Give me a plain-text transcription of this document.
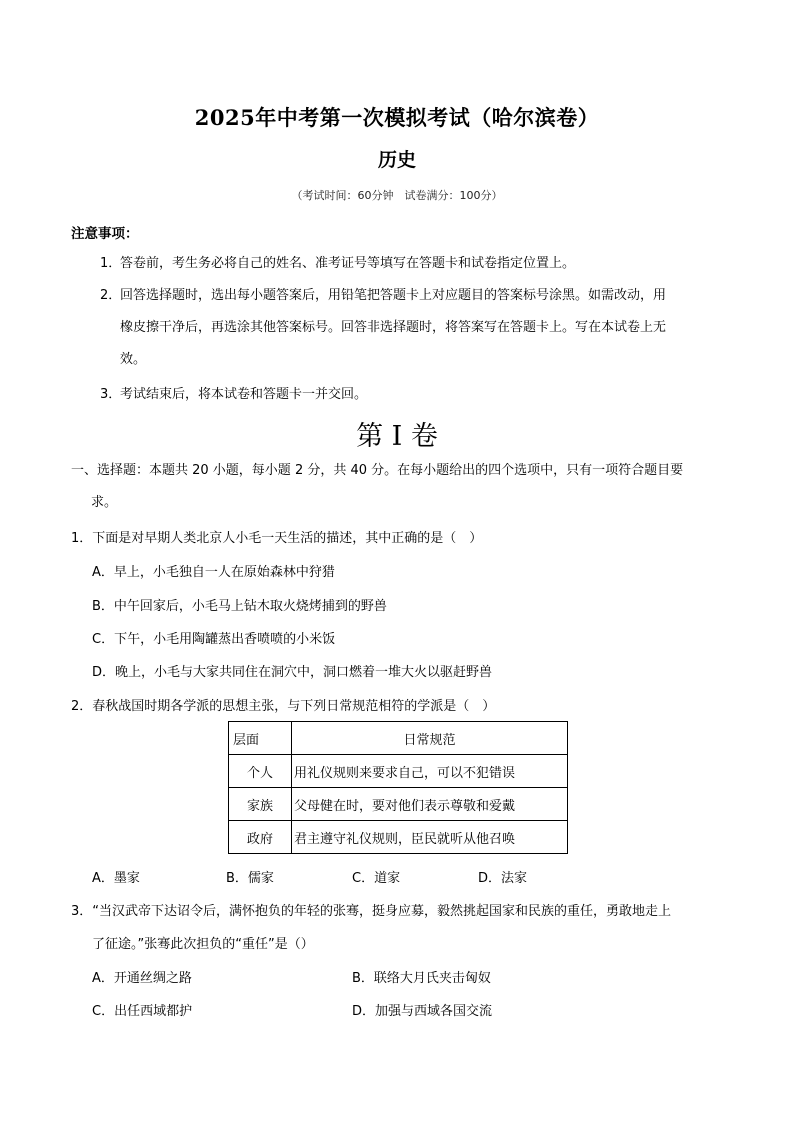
2025年中考第一次模拟考试（哈尔滨卷）
历史
（考试时间：60分钟　试卷满分：100分）
注意事项：
1．答卷前，考生务必将自己的姓名、准考证号等填写在答题卡和试卷指定位置上。
2．回答选择题时，选出每小题答案后，用铅笔把答题卡上对应题目的答案标号涂黑。如需改动，用
橡皮擦干净后，再选涂其他答案标号。回答非选择题时，将答案写在答题卡上。写在本试卷上无
效。
3．考试结束后，将本试卷和答题卡一并交回。
第 I 卷
一、选择题：本题共 20 小题，每小题 2 分，共 40 分。在每小题给出的四个选项中，只有一项符合题目要
求。
1．下面是对早期人类北京人小毛一天生活的描述，其中正确的是（　）
A．早上，小毛独自一人在原始森林中狩猎
B．中午回家后，小毛马上钻木取火烧烤捕到的野兽
C．下午，小毛用陶罐蒸出香喷喷的小米饭
D．晚上，小毛与大家共同住在洞穴中，洞口燃着一堆大火以驱赶野兽
2．春秋战国时期各学派的思想主张，与下列日常规范相符的学派是（　）
层面	日常规范
个人	用礼仪规则来要求自己，可以不犯错误
家族	父母健在时，要对他们表示尊敬和爱戴
政府	君主遵守礼仪规则，臣民就听从他召唤
A．墨家	B．儒家	C．道家	D．法家
3．“当汉武帝下达诏令后，满怀抱负的年轻的张骞，挺身应募，毅然挑起国家和民族的重任，勇敢地走上
了征途。”张骞此次担负的“重任”是（）
A．开通丝绸之路	B．联络大月氏夹击匈奴
C．出任西域都护	D．加强与西域各国交流
